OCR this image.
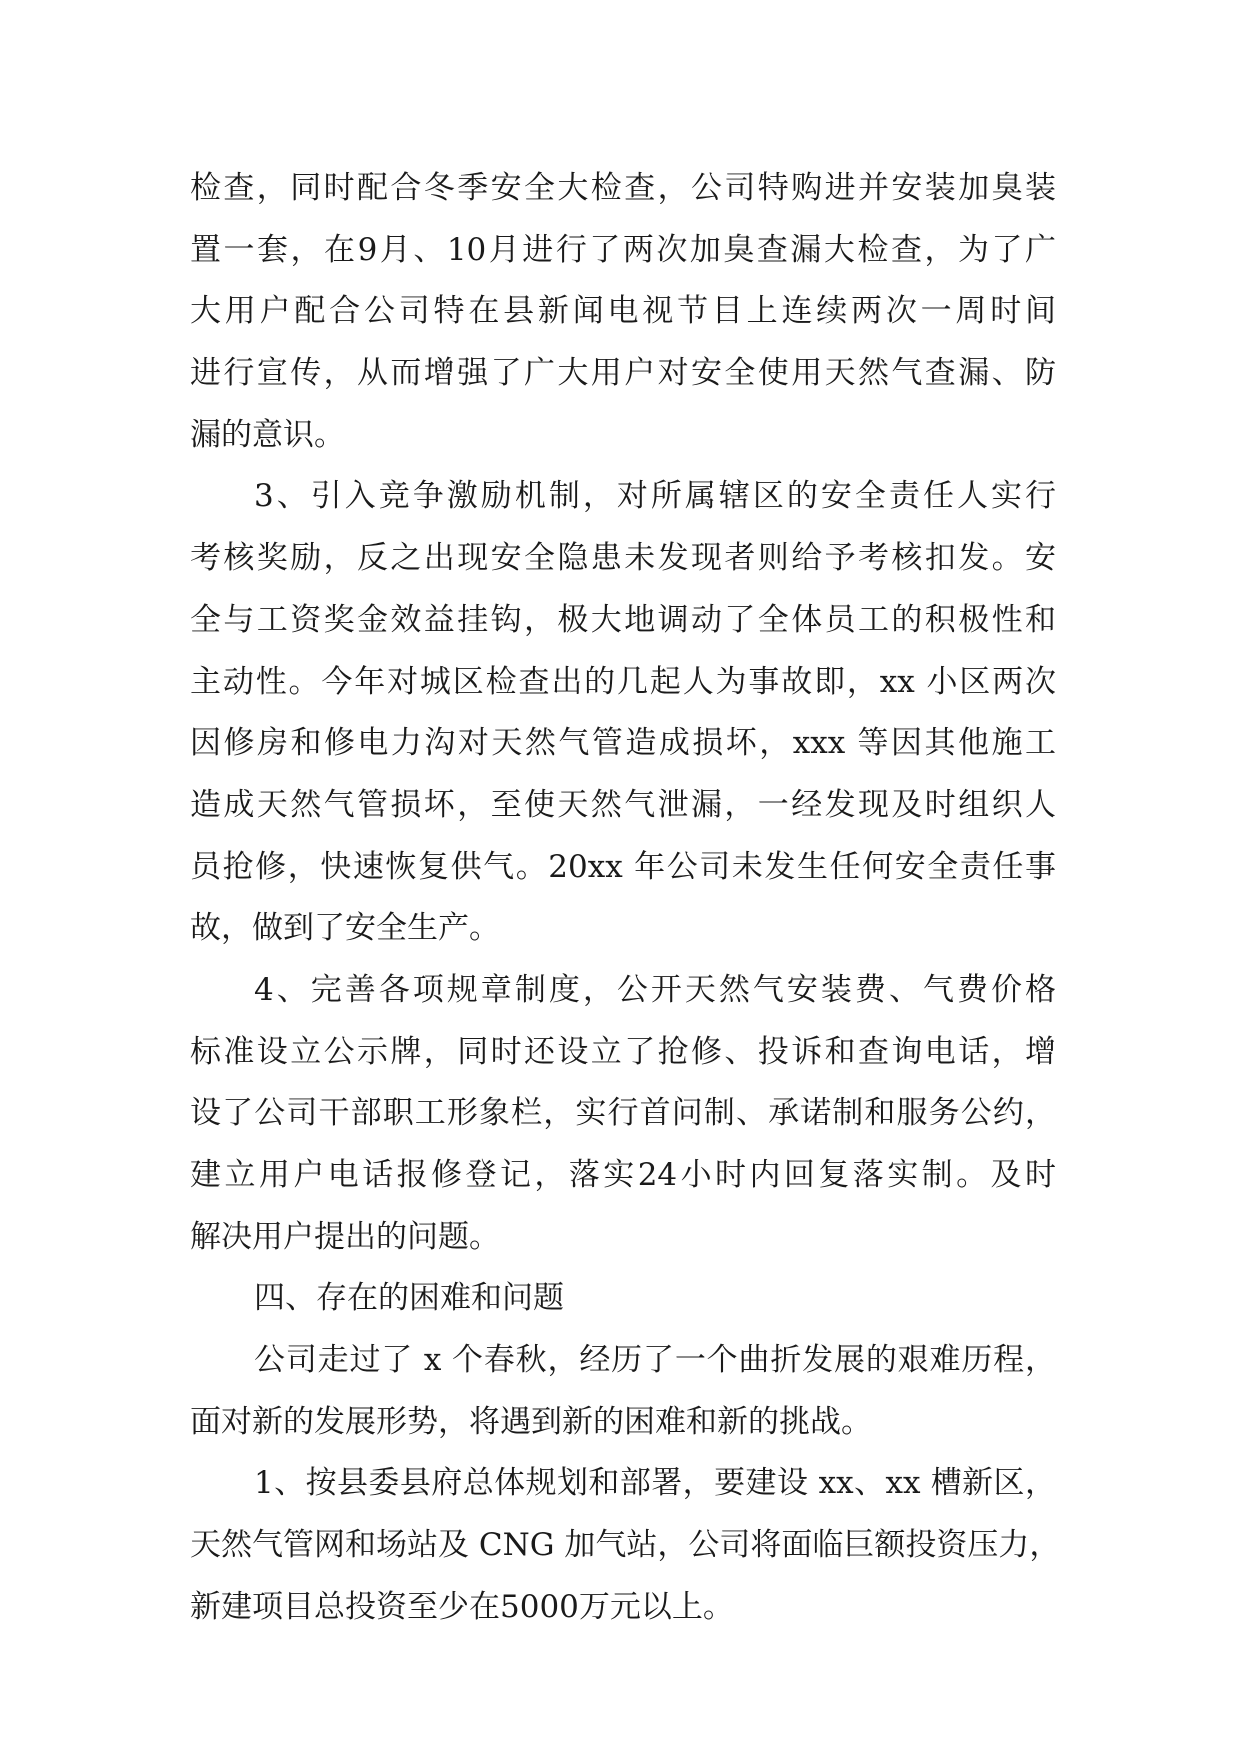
检查，同时配合冬季安全大检查，公司特购进并安装加臭装
置一套，在9月、10月进行了两次加臭查漏大检查，为了广
大用户配合公司特在县新闻电视节目上连续两次一周时间
进行宣传，从而增强了广大用户对安全使用天然气查漏、防
漏的意识。
3、引入竞争激励机制，对所属辖区的安全责任人实行
考核奖励，反之出现安全隐患未发现者则给予考核扣发。安
全与工资奖金效益挂钩，极大地调动了全体员工的积极性和
主动性。今年对城区检查出的几起人为事故即，xx 小区两次
因修房和修电力沟对天然气管造成损坏，xxx 等因其他施工
造成天然气管损坏，至使天然气泄漏，一经发现及时组织人
员抢修，快速恢复供气。20xx 年公司未发生任何安全责任事
故，做到了安全生产。
4、完善各项规章制度，公开天然气安装费、气费价格
标准设立公示牌，同时还设立了抢修、投诉和查询电话，增
设了公司干部职工形象栏，实行首问制、承诺制和服务公约，
建立用户电话报修登记，落实24小时内回复落实制。及时
解决用户提出的问题。
四、存在的困难和问题
公司走过了 x 个春秋，经历了一个曲折发展的艰难历程，
面对新的发展形势，将遇到新的困难和新的挑战。
1、按县委县府总体规划和部署，要建设 xx、xx 槽新区，
天然气管网和场站及 CNG 加气站，公司将面临巨额投资压力，
新建项目总投资至少在5000万元以上。
